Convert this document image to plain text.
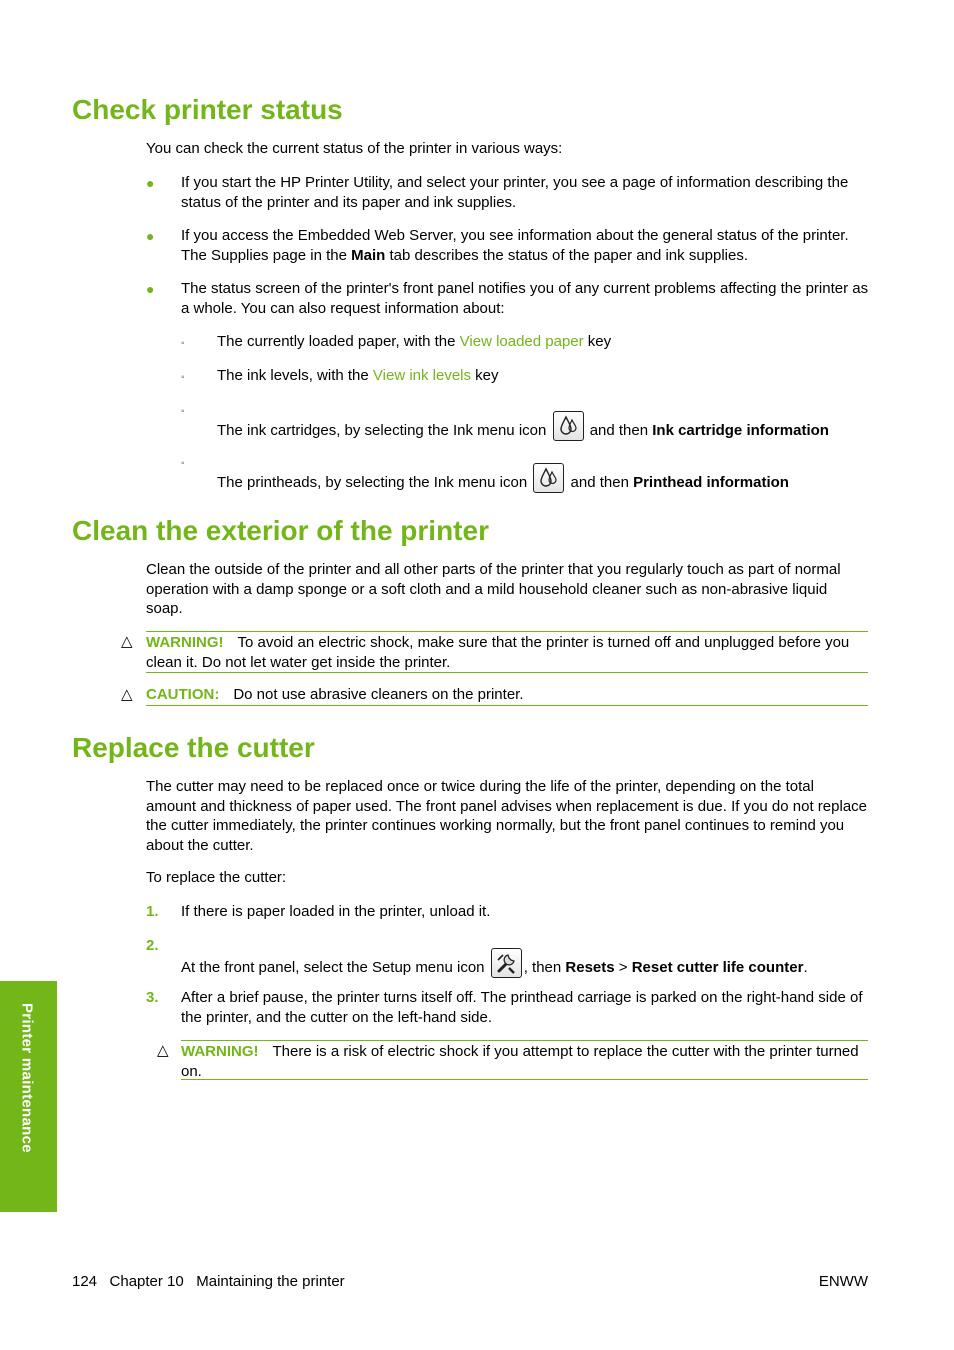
Check printer status

You can check the current status of the printer in various ways:

● If you start the HP Printer Utility, and select your printer, you see a page of information describing the status of the printer and its paper and ink supplies.

● If you access the Embedded Web Server, you see information about the general status of the printer. The Supplies page in the Main tab describes the status of the paper and ink supplies.

● The status screen of the printer's front panel notifies you of any current problems affecting the printer as a whole. You can also request information about:

◦ The currently loaded paper, with the View loaded paper key

◦ The ink levels, with the View ink levels key

◦

The ink cartridges, by selecting the Ink menu icon	and then Ink cartridge information

◦

The printheads, by selecting the Ink menu icon	and then Printhead information

Clean the exterior of the printer

Clean the outside of the printer and all other parts of the printer that you regularly touch as part of normal operation with a damp sponge or a soft cloth and a mild household cleaner such as non-abrasive liquid soap.

△ WARNING! To avoid an electric shock, make sure that the printer is turned off and unplugged before you clean it. Do not let water get inside the printer.
△ CAUTION: Do not use abrasive cleaners on the printer.
Replace the cutter

The cutter may need to be replaced once or twice during the life of the printer, depending on the total amount and thickness of paper used. The front panel advises when replacement is due. If you do not replace the cutter immediately, the printer continues working normally, but the front panel continues to remind you about the cutter.

To replace the cutter:

1. If there is paper loaded in the printer, unload it.

2.

At the front panel, select the Setup menu icon	, then Resets > Reset cutter life counter.

3. After a brief pause, the printer turns itself off. The printhead carriage is parked on the right-hand side of the printer, and the cutter on the left-hand side.

△ WARNING! There is a risk of electric shock if you attempt to replace the cutter with the printer turned on.
Printer maintenance
124   Chapter 10   Maintaining the printer	ENWW
